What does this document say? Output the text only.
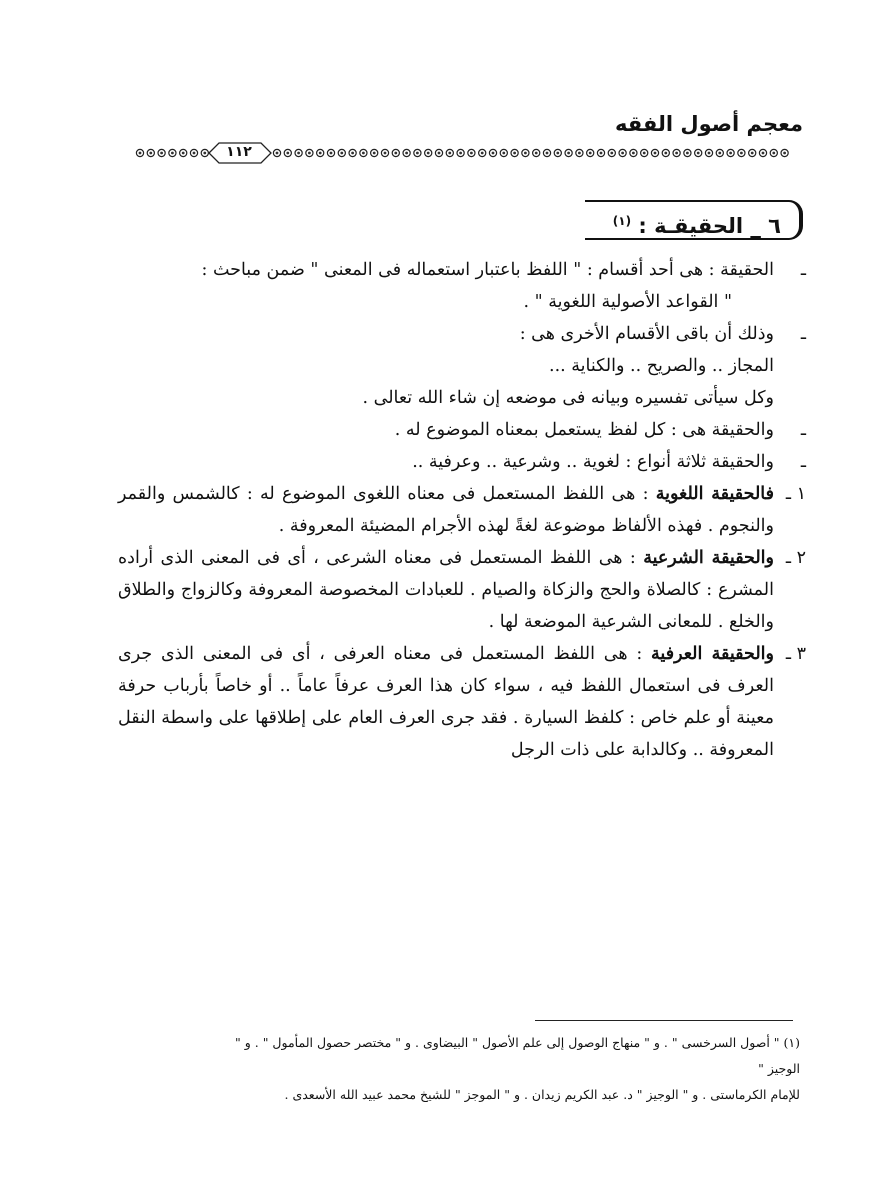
معجم أصول الفقه
١١٢
٦ _ الحقيقـة : $^{(١)}$
ـ

الحقيقة : هى أحد أقسام : " اللفظ باعتبار استعماله فى المعنى " ضمن مباحث :

" القواعد الأصولية اللغوية " .

ـ

وذلك أن باقى الأقسام الأخرى هى :

المجاز .. والصريح .. والكناية ...

وكل سيأتى تفسيره وبيانه فى موضعه إن شاء الله تعالى .

ـ

والحقيقة هى : كل لفظ يستعمل بمعناه الموضوع له .

ـ

والحقيقة ثلاثة أنواع : لغوية .. وشرعية .. وعرفية ..

١ ـ

فالحقيقة اللغوية : هى اللفظ المستعمل فى معناه اللغوى الموضوع له : كالشمس والقمر والنجوم . فهذه الألفاظ موضوعة لغةً لهذه الأجرام المضيئة المعروفة .

٢ ـ

والحقيقة الشرعية : هى اللفظ المستعمل فى معناه الشرعى ، أى فى المعنى الذى أراده المشرع : كالصلاة والحج والزكاة والصيام . للعبادات المخصوصة المعروفة وكالزواج والطلاق والخلع . للمعانى الشرعية الموضعة لها .

٣ ـ

والحقيقة العرفية : هى اللفظ المستعمل فى معناه العرفى ، أى فى المعنى الذى جرى العرف فى استعمال اللفظ فيه ، سواء كان هذا العرف عرفاً عاماً .. أو خاصاً بأرباب حرفة معينة أو علم خاص : كلفظ السيارة . فقد جرى العرف العام على إطلاقها على واسطة النقل المعروفة .. وكالدابة على ذات الرجل

(١) " أصول السرخسى " . و " منهاج الوصول إلى علم الأصول " البيضاوى . و " مختصر حصول المأمول " . و " الوجيز "

للإمام الكرماستى . و " الوجيز " د. عبد الكريم زيدان . و " الموجز " للشيخ محمد عبيد الله الأسعدى .
